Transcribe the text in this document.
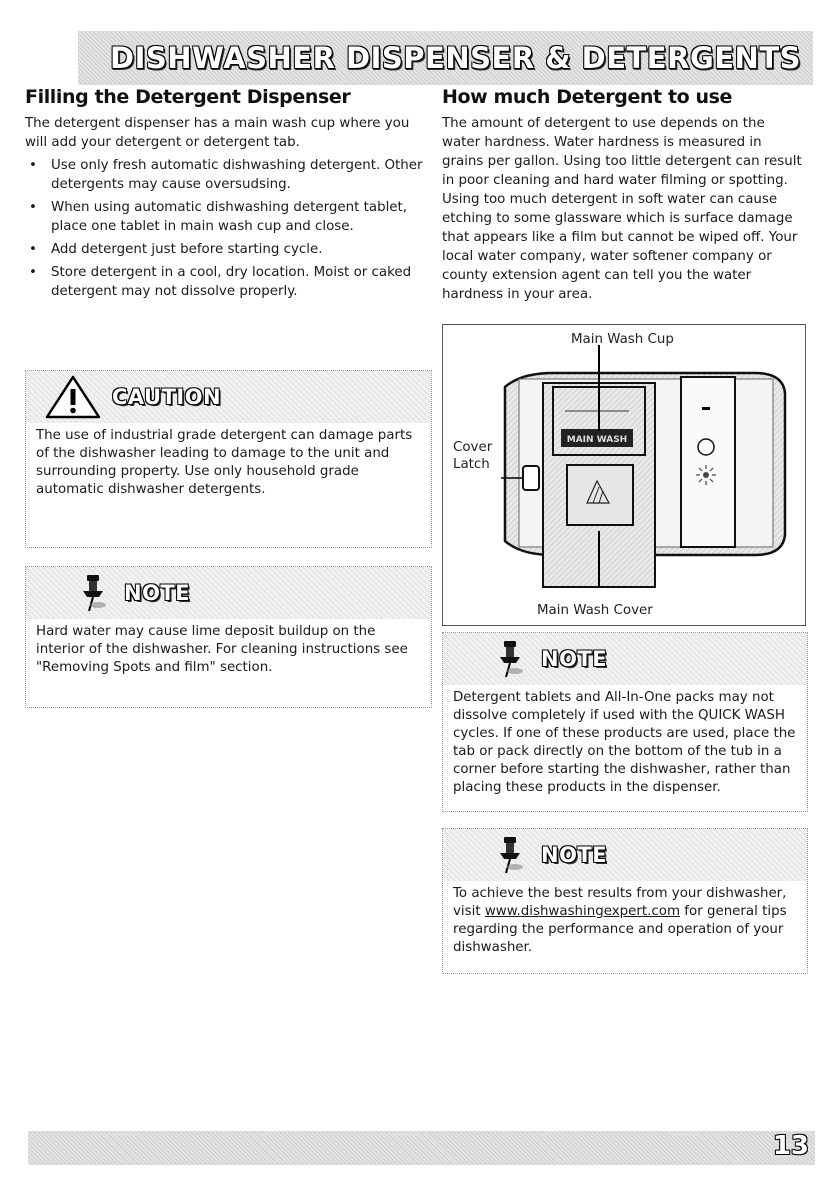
DISHWASHER DISPENSER & DETERGENTS
Filling the Detergent Dispenser

The detergent dispenser has a main wash cup where you will add your detergent or detergent tab.

• Use only fresh automatic dishwashing detergent. Other detergents may cause oversudsing.
• When using automatic dishwashing detergent tablet, place one tablet in main wash cup and close.
• Add detergent just before starting cycle.
• Store detergent in a cool, dry location. Moist or caked detergent may not dissolve properly.
CAUTION
The use of industrial grade detergent can damage parts of the dishwasher leading to damage to the unit and surrounding property. Use only household grade automatic dishwasher detergents.
NOTE
Hard water may cause lime deposit buildup on the interior of the dishwasher. For cleaning instructions see "Removing Spots and film" section.
How much Detergent to use

The amount of detergent to use depends on the water hardness. Water hardness is measured in grains per gallon. Using too little detergent can result in poor cleaning and hard water filming or spotting. Using too much detergent in soft water can cause etching to some glassware which is surface damage that appears like a film but cannot be wiped off. Your local water company, water softener company or county extension agent can tell you the water hardness in your area.

Main Wash Cup
Cover
Latch
Main Wash Cover
MAIN WASH
NOTE
Detergent tablets and All-In-One packs may not dissolve completely if used with the QUICK WASH cycles. If one of these products are used, place the tab or pack directly on the bottom of the tub in a corner before starting the dishwasher, rather than placing these products in the dispenser.
NOTE
To achieve the best results from your dishwasher, visit www.dishwashingexpert.com for general tips regarding the performance and operation of your dishwasher.
13
